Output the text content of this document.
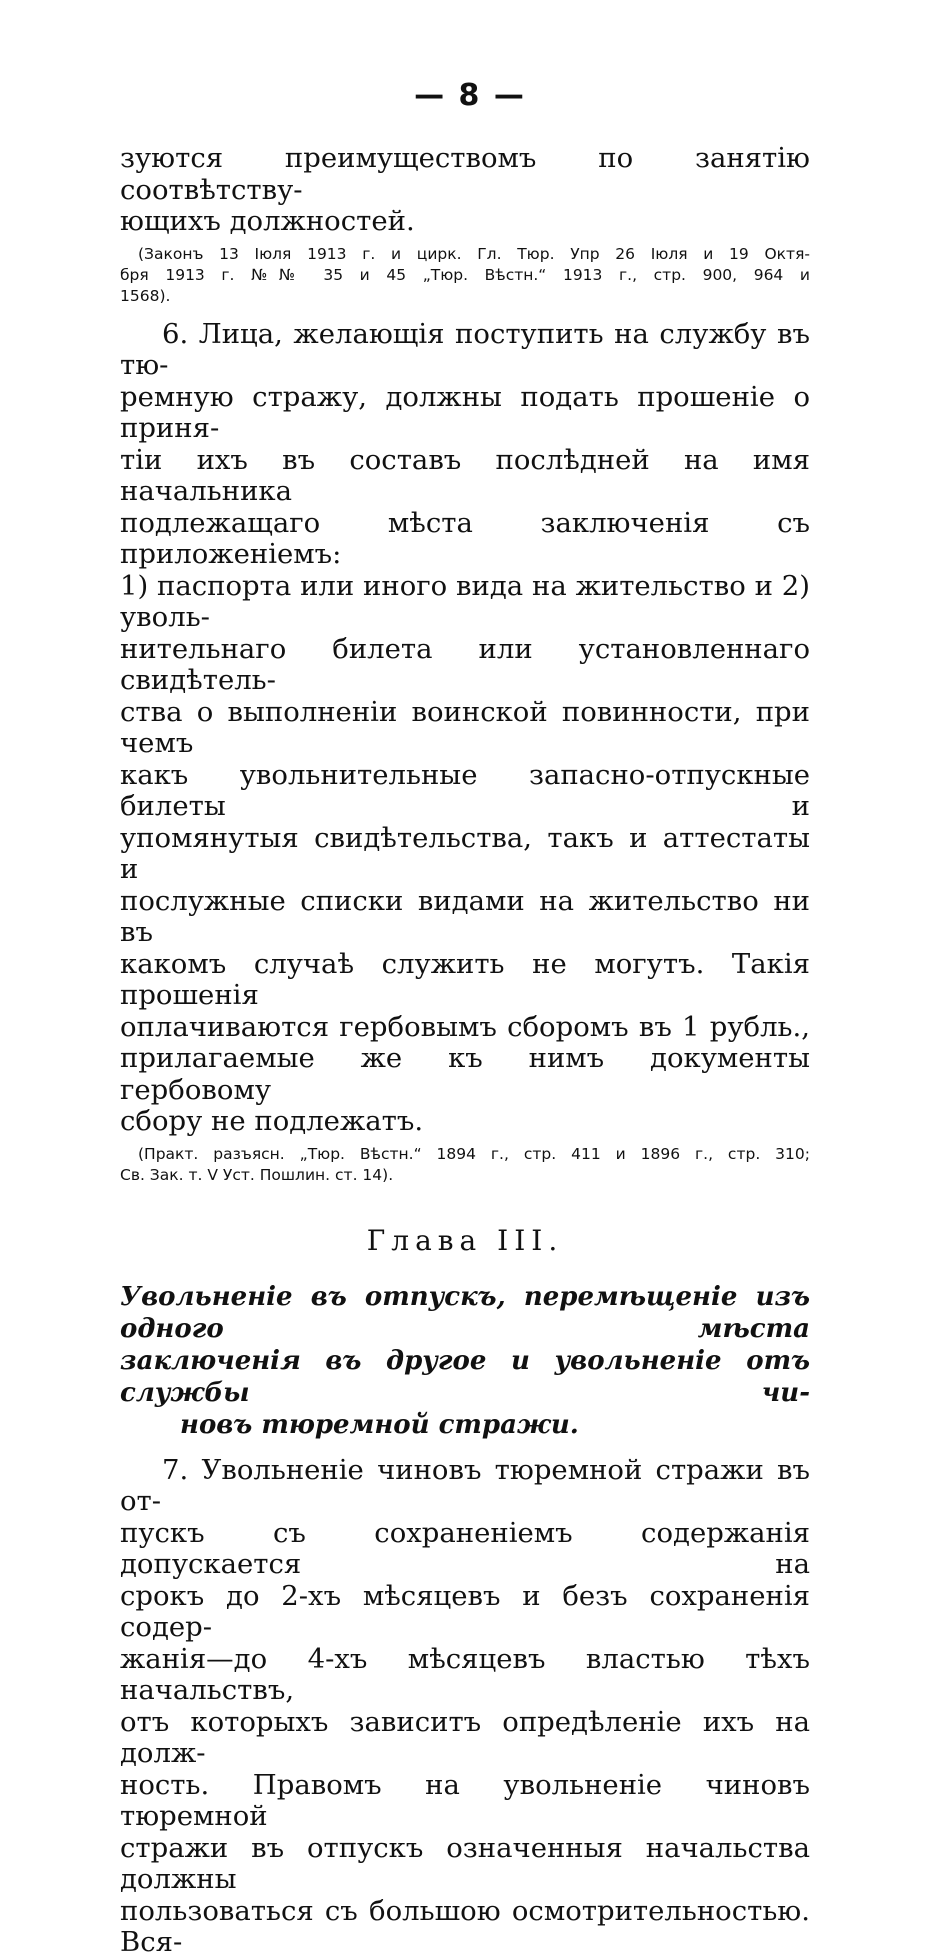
— 8 —

зуются преимуществомъ по занятiю соотвѣтству-

ющихъ должностей.

(Законъ 13 Iюля 1913 г. и цирк. Гл. Тюр. Упр 26 Iюля и 19 Октя-

бря 1913 г. №№ 35 и 45 „Тюр. Вѣстн.“ 1913 г., стр. 900, 964 и

1568).

6. Лица, желающiя поступить на службу въ тю-

ремную стражу, должны подать прошенiе о приня-

тiи ихъ въ составъ послѣдней на имя начальника

подлежащаго мѣста заключенiя съ приложенiемъ:

1) паспорта или иного вида на жительство и 2) уволь-

нительнаго билета или установленнаго свидѣтель-

ства о выполненiи воинской повинности, при чемъ

какъ увольнительные запасно-отпускные билеты и

упомянутыя свидѣтельства, такъ и аттестаты и

послужные списки видами на жительство ни въ

какомъ случаѣ служить не могутъ. Такiя прошенiя

оплачиваются гербовымъ сборомъ въ 1 рубль.,

прилагаемые же къ нимъ документы гербовому

сбору не подлежатъ.

(Практ. разъясн. „Тюр. Вѣстн.“ 1894 г., стр. 411 и 1896 г., стр. 310;

Св. Зак. т. V Уст. Пошлин. ст. 14).

Глава III.

Увольненiе въ отпускъ, перемѣщенiе изъ одного мѣста

заключенiя въ другое и увольненiе отъ службы чи-

новъ тюремной стражи.

7. Увольненiе чиновъ тюремной стражи въ от-

пускъ съ сохраненiемъ содержанiя допускается на

срокъ до 2-хъ мѣсяцевъ и безъ сохраненiя содер-

жанiя—до 4-хъ мѣсяцевъ властью тѣхъ начальствъ,

отъ которыхъ зависитъ опредѣленiе ихъ на долж-

ность. Правомъ на увольненiе чиновъ тюремной

стражи въ отпускъ означенныя начальства должны

пользоваться съ большою осмотрительностью. Вся-
